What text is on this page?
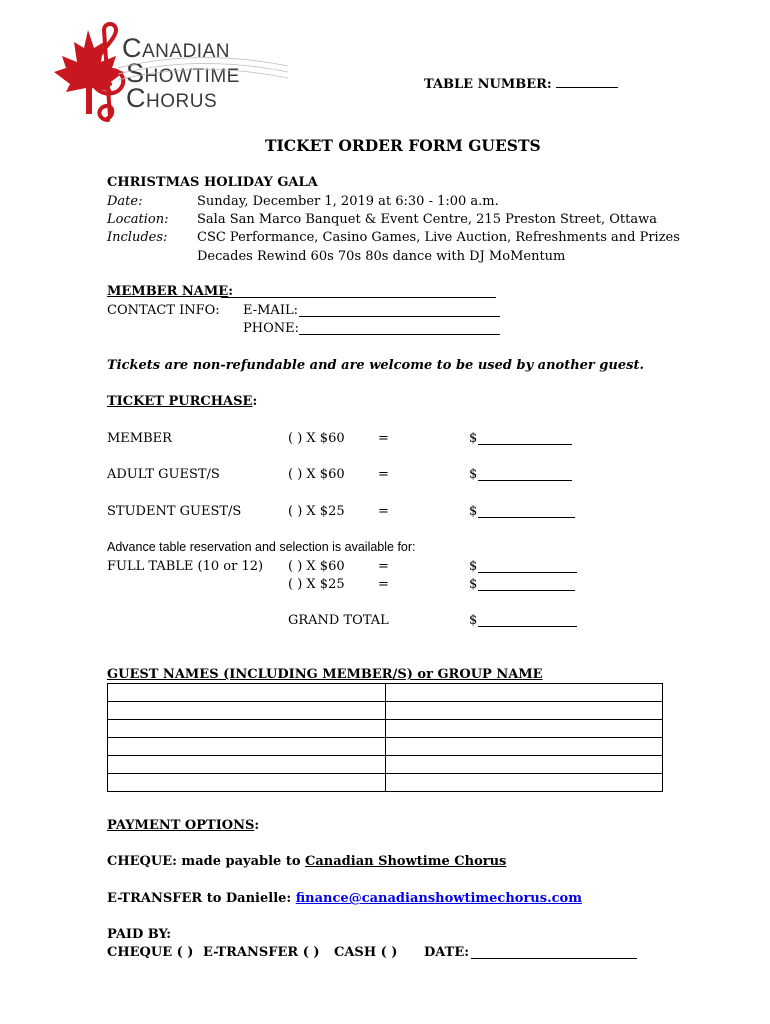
Canadian
Showtime
Chorus	TABLE NUMBER:
TICKET ORDER FORM GUESTS
CHRISTMAS HOLIDAY GALA
Date:	Sunday, December 1, 2019 at 6:30 - 1:00 a.m.
Location: Sala San Marco Banquet & Event Centre, 215 Preston Street, Ottawa
Includes: CSC Performance, Casino Games, Live Auction, Refreshments and Prizes
Decades Rewind 60s 70s 80s dance with DJ MoMentum
MEMBER NAME:
CONTACT INFO: E-MAIL:
PHONE:
Tickets are non-refundable and are welcome to be used by another guest.
TICKET PURCHASE:
MEMBER	( ) X $60	=	$
ADULT GUEST/S	( ) X $60	=	$
STUDENT GUEST/S	( ) X $25	=	$
Advance table reservation and selection is available for:
FULL TABLE (10 or 12) ( ) X $60	=	$
( ) X $25	=	$
GRAND TOTAL	$
GUEST NAMES (INCLUDING MEMBER/S) or GROUP NAME

PAYMENT OPTIONS:
CHEQUE: made payable to Canadian Showtime Chorus
E-TRANSFER to Danielle: finance@canadianshowtimechorus.com
PAID BY:
CHEQUE ( ) E-TRANSFER ( ) CASH ( ) DATE:
